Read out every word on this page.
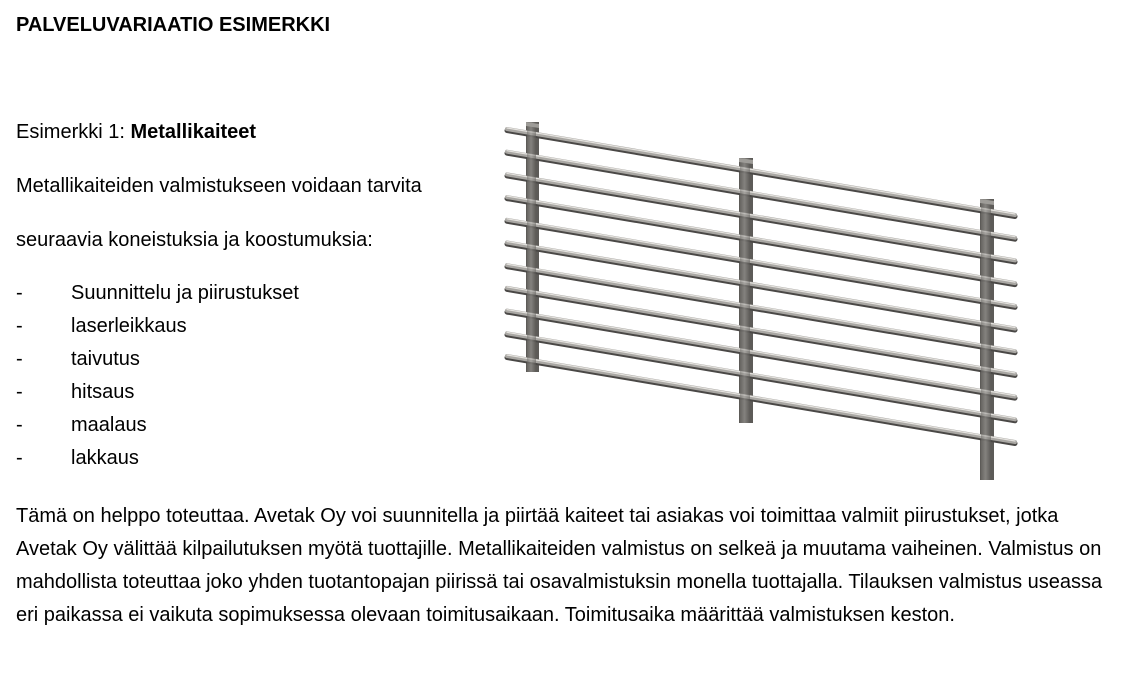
PALVELUVARIAATIO ESIMERKKI

Esimerkki 1: Metallikaiteet

Metallikaiteiden valmistukseen voidaan tarvita

seuraavia koneistuksia ja koostumuksia:

- Suunnittelu ja piirustukset
- laserleikkaus
- taivutus
- hitsaus
- maalaus
- lakkaus

Tämä on helppo toteuttaa. Avetak Oy voi suunnitella ja piirtää kaiteet tai asiakas voi toimittaa valmiit piirustukset, jotka Avetak Oy välittää kilpailutuksen myötä tuottajille. Metallikaiteiden valmistus on selkeä ja muutama vaiheinen. Valmistus on mahdollista toteuttaa joko yhden tuotantopajan piirissä tai osavalmistuksin monella tuottajalla. Tilauksen valmistus useassa eri paikassa ei vaikuta sopimuksessa olevaan toimitusaikaan. Toimitusaika määrittää valmistuksen keston.
